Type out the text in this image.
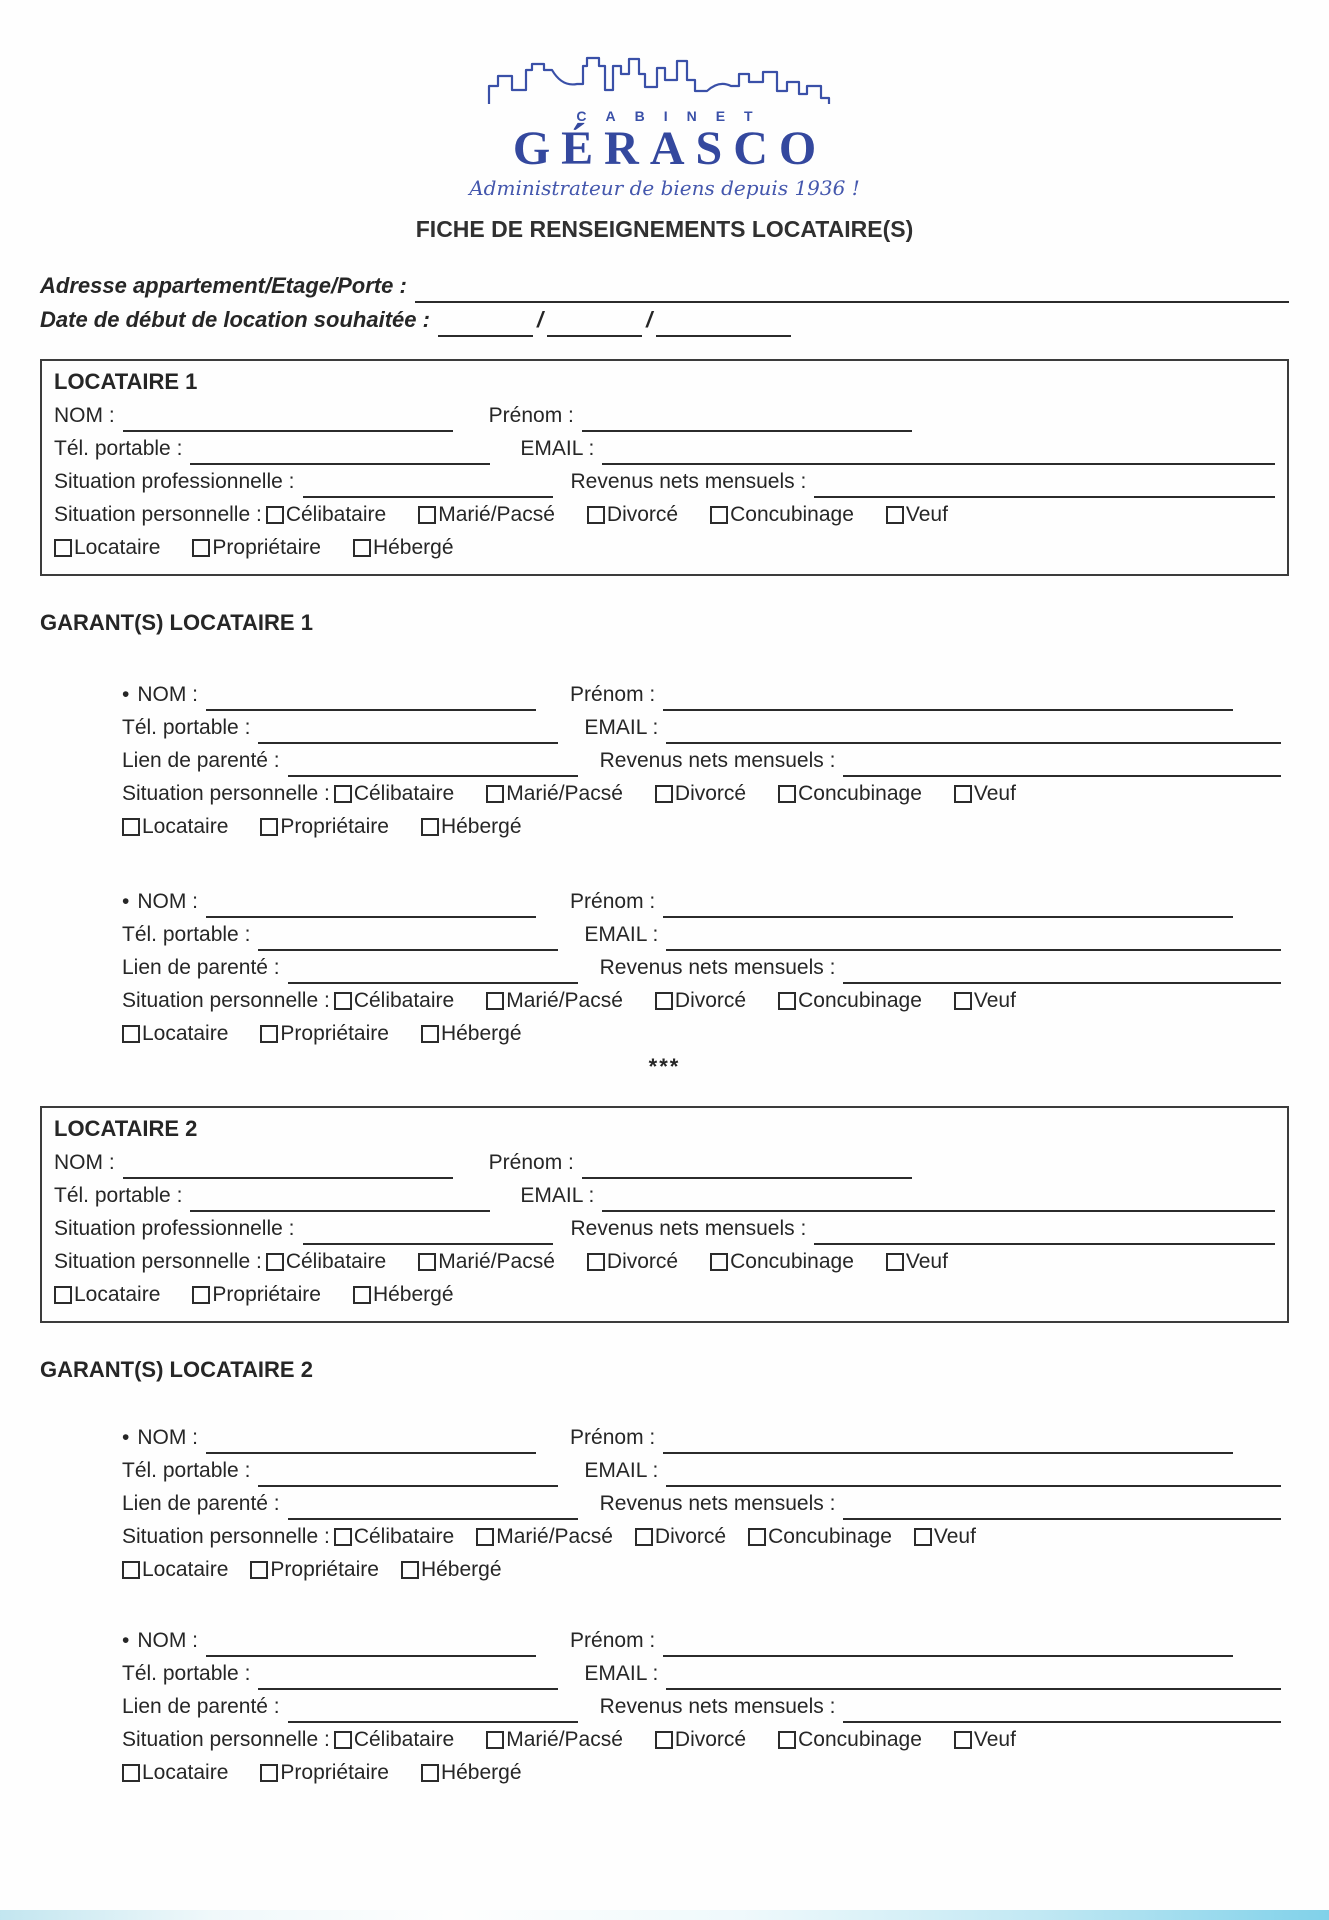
CABINET
GÉRASCO
Administrateur de biens depuis 1936 !
FICHE DE RENSEIGNEMENTS LOCATAIRE(S)
Adresse appartement/Etage/Porte :
Date de début de location souhaitée :	/	/
LOCATAIRE 1
NOM :	Prénom :
Tél. portable :	EMAIL :
Situation professionnelle :	Revenus nets mensuels :
Situation personnelle : Célibataire Marié/Pacsé Divorcé Concubinage Veuf
Locataire Propriétaire Hébergé
GARANT(S) LOCATAIRE 1
• NOM :	Prénom :
Tél. portable :	EMAIL :
Lien de parenté :	Revenus nets mensuels :
Situation personnelle : Célibataire Marié/Pacsé Divorcé Concubinage Veuf
Locataire Propriétaire Hébergé
• NOM :	Prénom :
Tél. portable :	EMAIL :
Lien de parenté :	Revenus nets mensuels :
Situation personnelle : Célibataire Marié/Pacsé Divorcé Concubinage Veuf
Locataire Propriétaire Hébergé
***
LOCATAIRE 2
NOM :	Prénom :
Tél. portable :	EMAIL :
Situation professionnelle :	Revenus nets mensuels :
Situation personnelle : Célibataire Marié/Pacsé Divorcé Concubinage Veuf
Locataire Propriétaire Hébergé
GARANT(S) LOCATAIRE 2
• NOM :	Prénom :
Tél. portable :	EMAIL :
Lien de parenté :	Revenus nets mensuels :
Situation personnelle : Célibataire Marié/Pacsé Divorcé Concubinage Veuf
Locataire Propriétaire Hébergé
• NOM :	Prénom :
Tél. portable :	EMAIL :
Lien de parenté :	Revenus nets mensuels :
Situation personnelle : Célibataire Marié/Pacsé Divorcé Concubinage Veuf
Locataire Propriétaire Hébergé
